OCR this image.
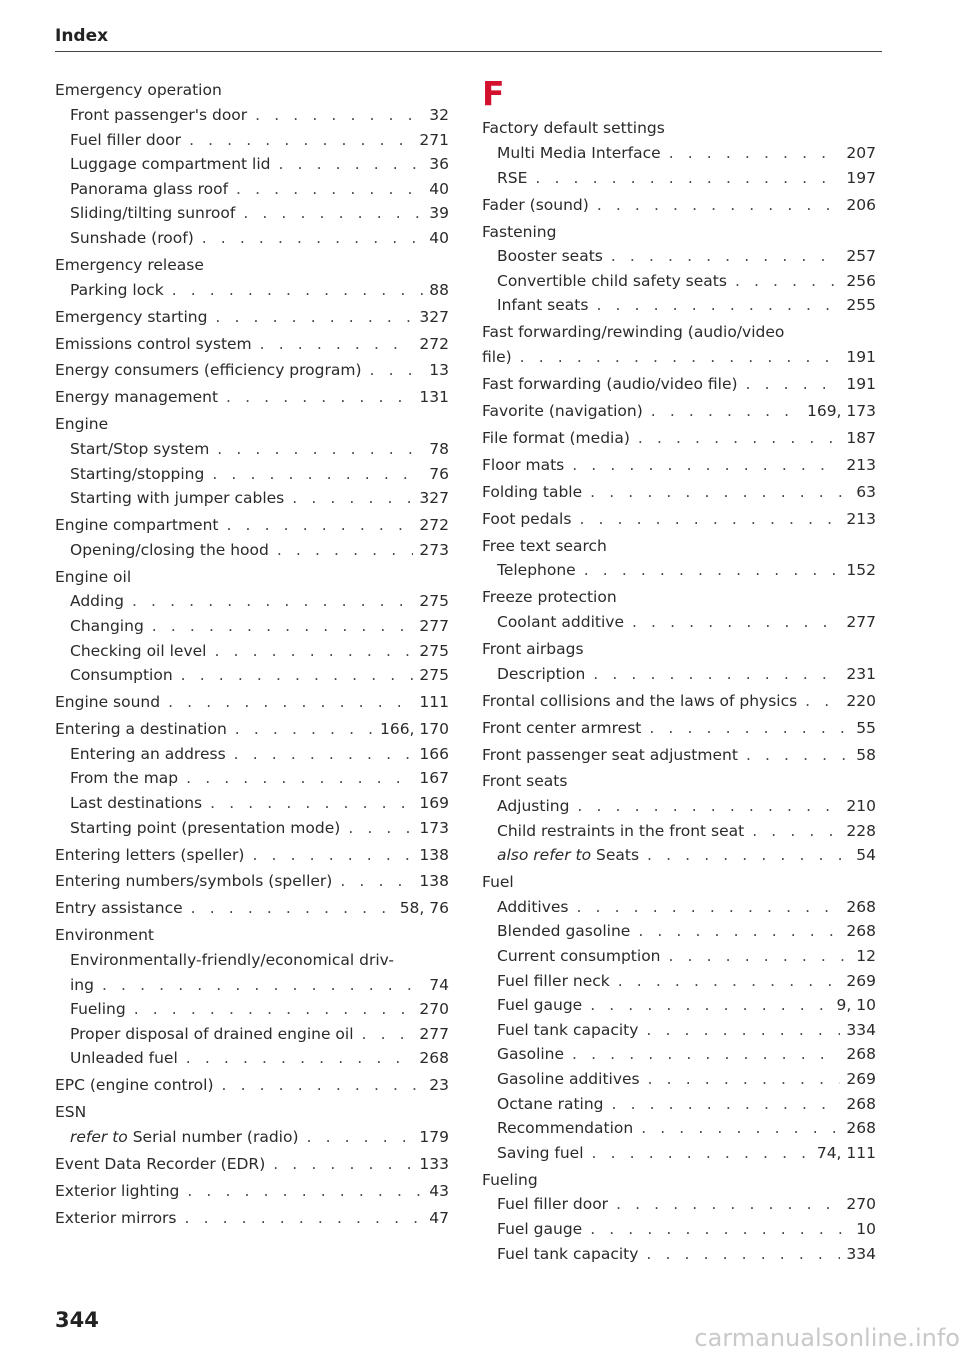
Index
Emergency operation
Front passenger's door . . .	32
Fuel filler door . . .	271
Luggage compartment lid . . .	36
Panorama glass roof . . .	40
Sliding/tilting sunroof . . .	39
Sunshade (roof) . . .	40
Emergency release
Parking lock . . .	88
Emergency starting . . .	327
Emissions control system . . .	272
Energy consumers (efficiency program) . . .	13
Energy management . . .	131
Engine
Start/Stop system . . .	78
Starting/stopping . . .	76
Starting with jumper cables . . .	327
Engine compartment . . .	272
Opening/closing the hood . . .	273
Engine oil
Adding . . .	275
Changing . . .	277
Checking oil level . . .	275
Consumption . . .	275
Engine sound . . .	111
Entering a destination . . .	166, 170
Entering an address . . .	166
From the map . . .	167
Last destinations . . .	169
Starting point (presentation mode) . . .	173
Entering letters (speller) . . .	138
Entering numbers/symbols (speller) . . .	138
Entry assistance . . .	58, 76
Environment
Environmentally-friendly/economical driv-
ing . . .	74
Fueling . . .	270
Proper disposal of drained engine oil . . .	277
Unleaded fuel . . .	268
EPC (engine control) . . .	23
ESN
refer to Serial number (radio) . . .	179
Event Data Recorder (EDR) . . .	133
Exterior lighting . . .	43
Exterior mirrors . . .	47
F
Factory default settings
Multi Media Interface . . .	207
RSE . . .	197
Fader (sound) . . .	206
Fastening
Booster seats . . .	257
Convertible child safety seats . . .	256
Infant seats . . .	255
Fast forwarding/rewinding (audio/video
file) . . .	191
Fast forwarding (audio/video file) . . .	191
Favorite (navigation) . . .	169, 173
File format (media) . . .	187
Floor mats . . .	213
Folding table . . .	63
Foot pedals . . .	213
Free text search
Telephone . . .	152
Freeze protection
Coolant additive . . .	277
Front airbags
Description . . .	231
Frontal collisions and the laws of physics . . .	220
Front center armrest . . .	55
Front passenger seat adjustment . . .	58
Front seats
Adjusting . . .	210
Child restraints in the front seat . . .	228
also refer to Seats . . .	54
Fuel
Additives . . .	268
Blended gasoline . . .	268
Current consumption . . .	12
Fuel filler neck . . .	269
Fuel gauge . . .	9, 10
Fuel tank capacity . . .	334
Gasoline . . .	268
Gasoline additives . . .	269
Octane rating . . .	268
Recommendation . . .	268
Saving fuel . . .	74, 111
Fueling
Fuel filler door . . .	270
Fuel gauge . . .	10
Fuel tank capacity . . .	334
344
carmanualsonline.info
